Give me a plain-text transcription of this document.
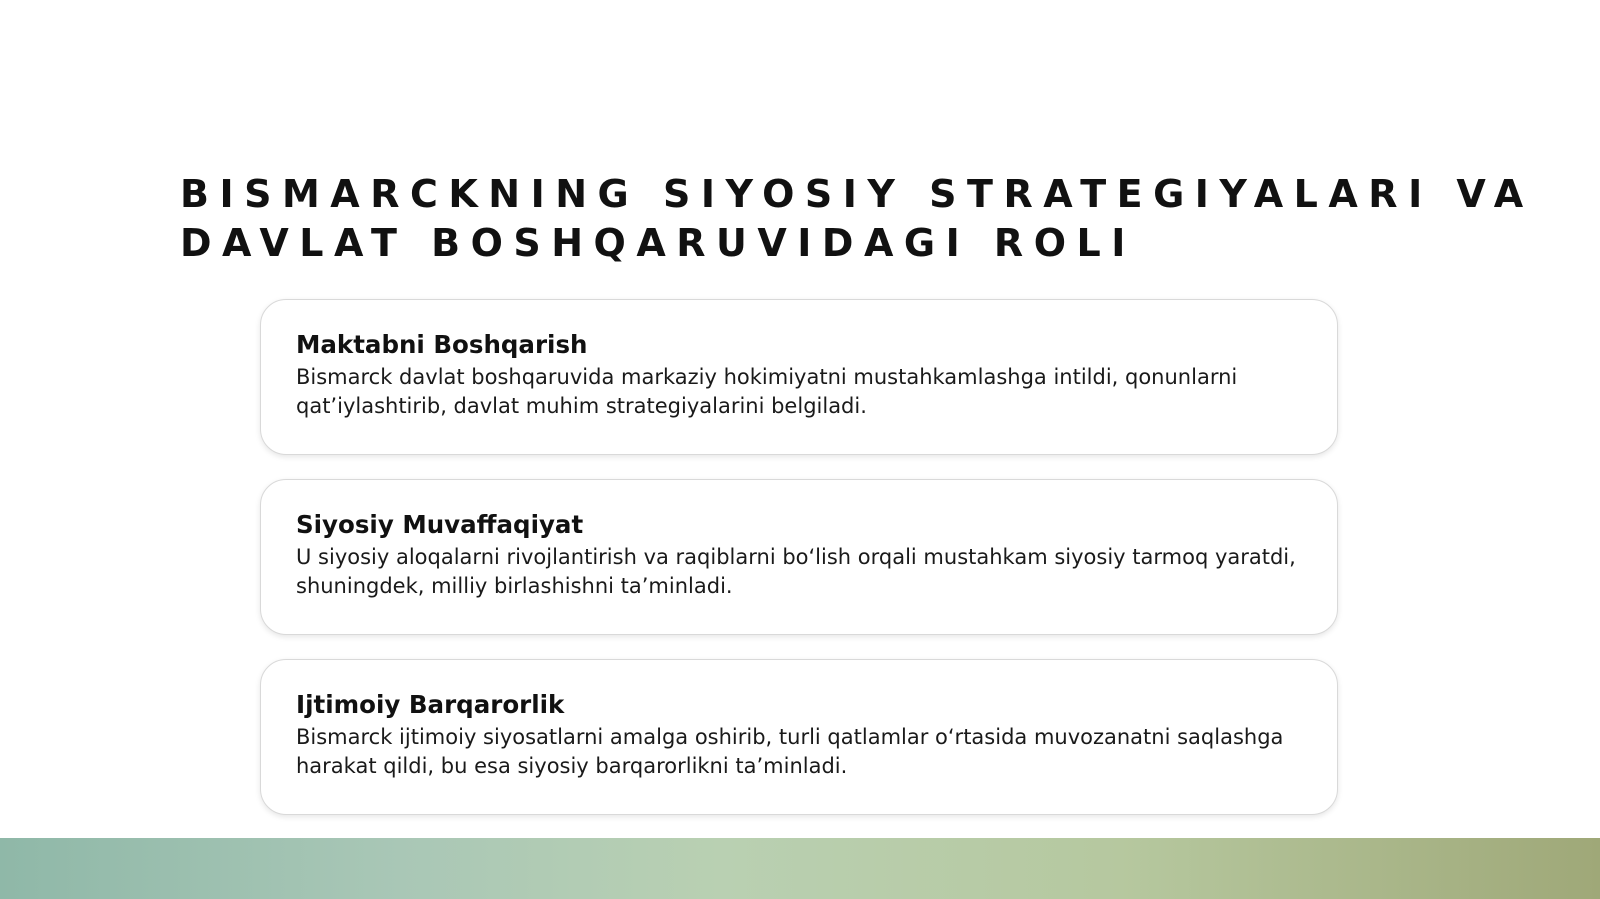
BISMARCKNING SIYOSIY STRATEGIYALARI VA
DAVLAT BOSHQARUVIDAGI ROLI

Maktabni Boshqarish

Bismarck davlat boshqaruvida markaziy hokimiyatni mustahkamlashga intildi, qonunlarni qat’iylashtirib, davlat muhim strategiyalarini belgiladi.

Siyosiy Muvaffaqiyat

U siyosiy aloqalarni rivojlantirish va raqiblarni bo‘lish orqali mustahkam siyosiy tarmoq yaratdi, shuningdek, milliy birlashishni ta’minladi.

Ijtimoiy Barqarorlik

Bismarck ijtimoiy siyosatlarni amalga oshirib, turli qatlamlar o‘rtasida muvozanatni saqlashga harakat qildi, bu esa siyosiy barqarorlikni ta’minladi.
